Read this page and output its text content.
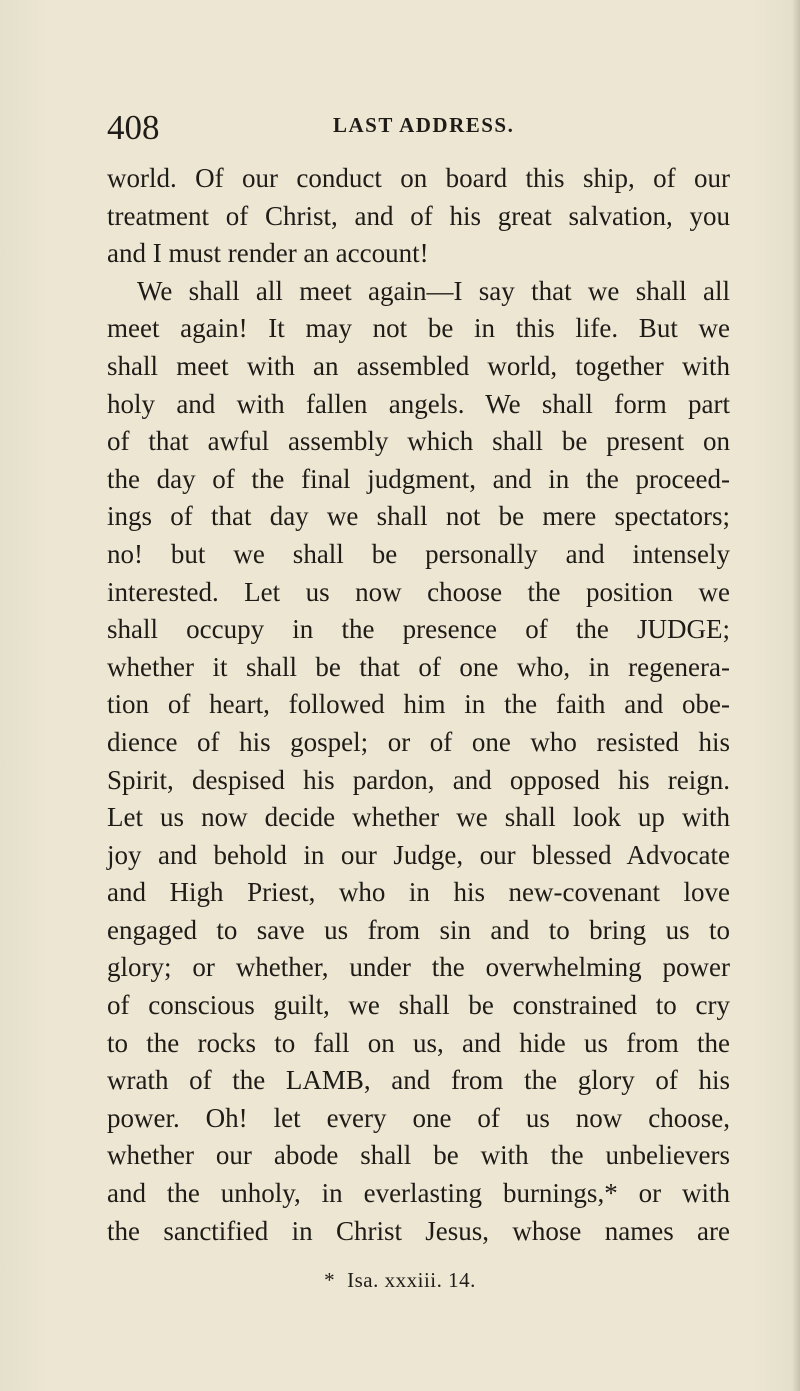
408	LAST ADDRESS.
world. Of our conduct on board this ship, of our
treatment of Christ, and of his great salvation, you
and I must render an account!
We shall all meet again—I say that we shall all
meet again! It may not be in this life. But we
shall meet with an assembled world, together with
holy and with fallen angels. We shall form part
of that awful assembly which shall be present on
the day of the final judgment, and in the proceed-
ings of that day we shall not be mere spectators;
no! but we shall be personally and intensely
interested. Let us now choose the position we
shall occupy in the presence of the JUDGE;
whether it shall be that of one who, in regenera-
tion of heart, followed him in the faith and obe-
dience of his gospel; or of one who resisted his
Spirit, despised his pardon, and opposed his reign.
Let us now decide whether we shall look up with
joy and behold in our Judge, our blessed Advocate
and High Priest, who in his new-covenant love
engaged to save us from sin and to bring us to
glory; or whether, under the overwhelming power
of conscious guilt, we shall be constrained to cry
to the rocks to fall on us, and hide us from the
wrath of the LAMB, and from the glory of his
power. Oh! let every one of us now choose,
whether our abode shall be with the unbelievers
and the unholy, in everlasting burnings,* or with
the sanctified in Christ Jesus, whose names are
* Isa. xxxiii. 14.
